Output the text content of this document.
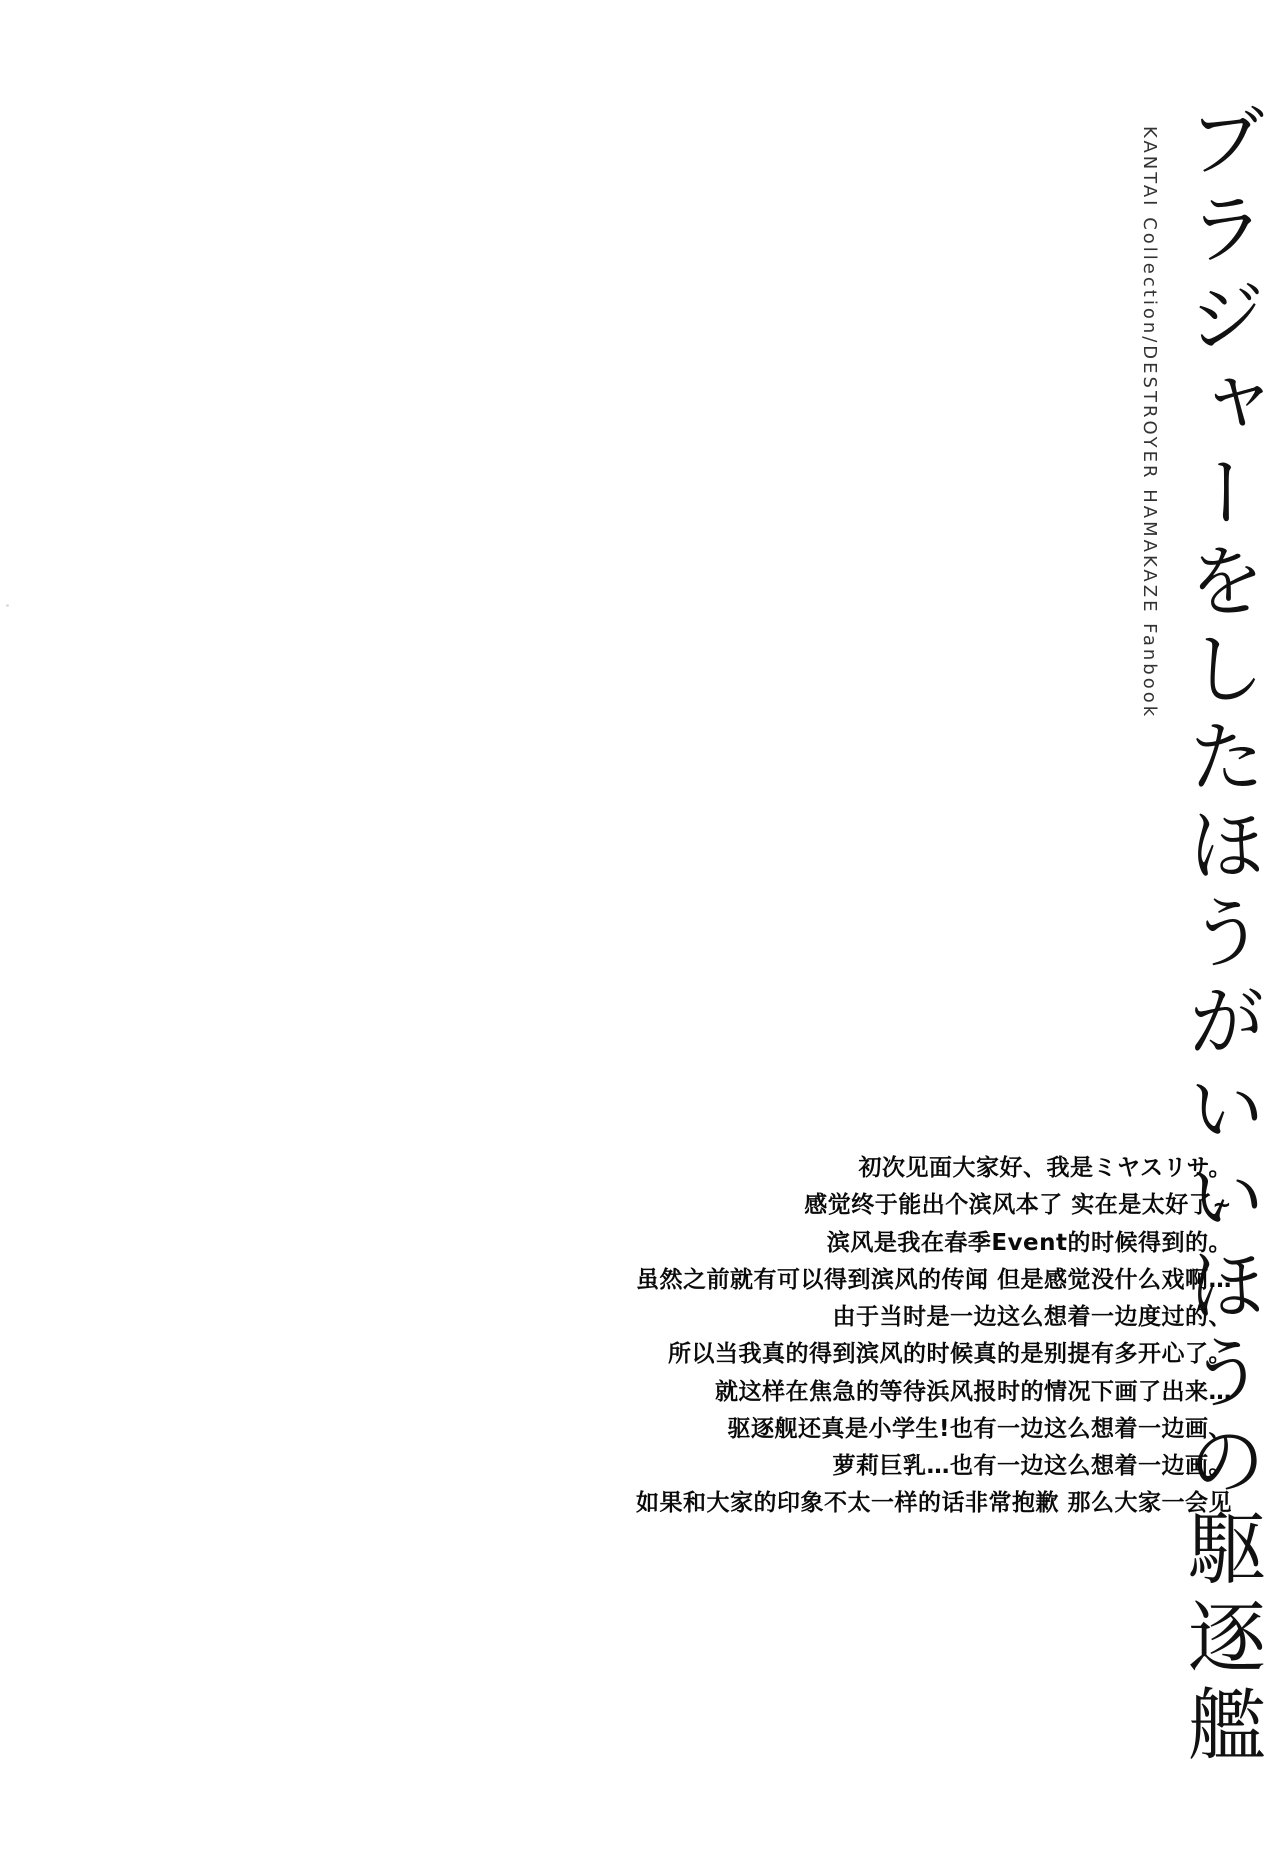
KANTAI Collection/DESTROYER HAMAKAZE Fanbook ブラジャーをしたほうがいいほうの駆逐艦
初次见面大家好、我是ミヤスリサ。
感觉终于能出个滨风本了 实在是太好了~
滨风是我在春季Event的时候得到的。
虽然之前就有可以得到滨风的传闻 但是感觉没什么戏啊…
由于当时是一边这么想着一边度过的、
所以当我真的得到滨风的时候真的是别提有多开心了。
就这样在焦急的等待浜风报时的情况下画了出来…
驱逐舰还真是小学生!也有一边这么想着一边画、
萝莉巨乳…也有一边这么想着一边画。
如果和大家的印象不太一样的话非常抱歉 那么大家一会见
